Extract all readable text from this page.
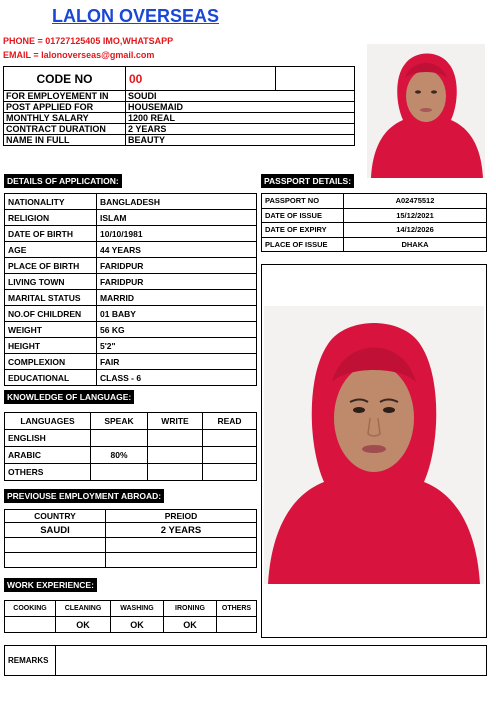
LALON OVERSEAS
PHONE = 01727125405 IMO,WHATSAPP
EMAIL = lalonoverseas@gmail.com
CODE NO	00	
FOR EMPLOYEMENT IN	SOUDI	
POST APPLIED FOR	HOUSEMAID	
MONTHLY SALARY	1200 REAL	
CONTRACT DURATION	2 YEARS	
NAME IN FULL	BEAUTY	
DETAILS OF APPLICATION:
NATIONALITY	BANGLADESH
RELIGION	ISLAM
DATE OF BIRTH	10/10/1981
AGE	44 YEARS
PLACE OF BIRTH	FARIDPUR
LIVING TOWN	FARIDPUR
MARITAL STATUS	MARRID
NO.OF CHILDREN	01 BABY
WEIGHT	56 KG
HEIGHT	5'2"
COMPLEXION	FAIR
EDUCATIONAL	CLASS - 6
PASSPORT DETAILS:
PASSPORT NO	A02475512
DATE OF ISSUE	15/12/2021
DATE OF EXPIRY	14/12/2026
PLACE OF ISSUE	DHAKA
KNOWLEDGE OF LANGUAGE:
LANGUAGES	SPEAK	WRITE	READ
ENGLISH			
ARABIC	80%		
OTHERS			
PREVIOUSE EMPLOYMENT ABROAD:
COUNTRY	PREIOD
SAUDI	2 YEARS

WORK EXPERIENCE:
COOKING	CLEANING	WASHING	IRONING	OTHERS
	OK	OK	OK	
REMARKS	
